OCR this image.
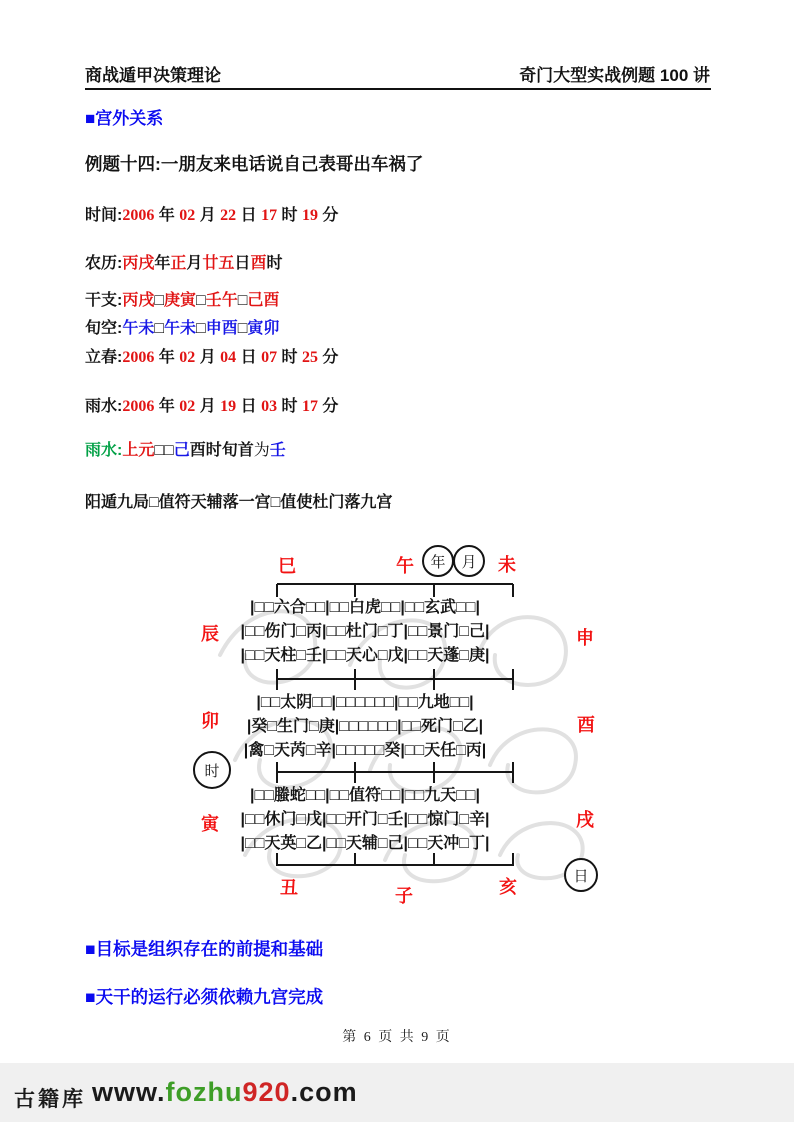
商战遁甲决策理论	奇门大型实战例题 100 讲
■宫外关系
例题十四:一朋友来电话说自己表哥出车祸了
时间:2006 年 02 月 22 日 17 时 19 分
农历:丙戌年正月廿五日酉时
干支:丙戌□庚寅□壬午□己酉
旬空:午未□午未□申酉□寅卯
立春:2006 年 02 月 04 日 07 时 25 分
雨水:2006 年 02 月 19 日 03 时 17 分
雨水:上元□□己酉时旬首为壬
阳遁九局□值符天辅落一宫□值使杜门落九宫
巳	午	未
辰
卯
寅
申
酉
戌
丑	子	亥
年	月
时
日
|□□六合□□|□□白虎□□|□□玄武□□|
|□□伤门□丙|□□杜门□丁|□□景门□己|
|□□天柱□壬|□□天心□戊|□□天蓬□庚|
|□□太阴□□|□□□□□□|□□九地□□|
|癸□生门□庚|□□□□□□|□□死门□乙|
|禽□天芮□辛|□□□□□癸|□□天任□丙|
|□□螣蛇□□|□□值符□□|□□九天□□|
|□□休门□戊|□□开门□壬|□□惊门□辛|
|□□天英□乙|□□天辅□己|□□天冲□丁|
■目标是组织存在的前提和基础
■天干的运行必须依赖九宫完成
第 6 页 共 9 页
古籍库 www.fozhu920.com
